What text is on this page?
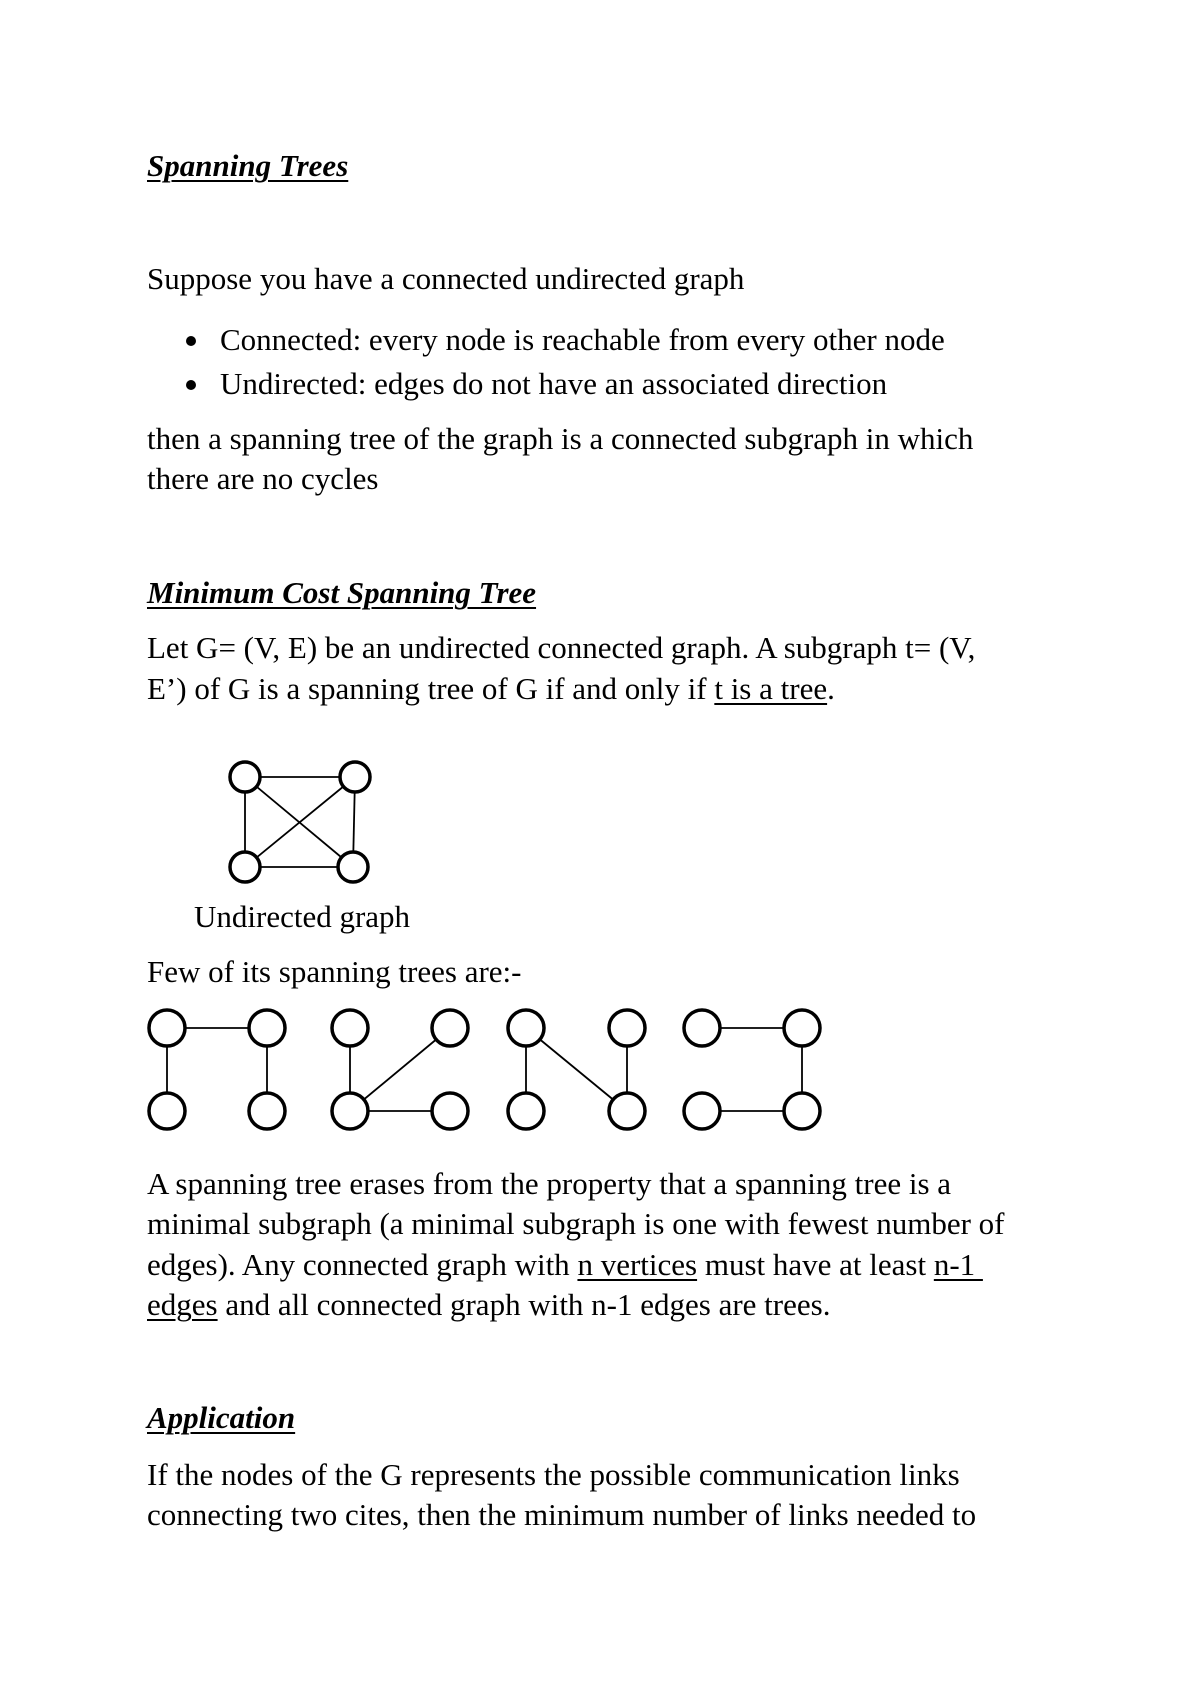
Spanning Trees

Suppose you have a connected undirected graph

Connected: every node is reachable from every other node
Undirected: edges do not have an associated direction

then a spanning tree of the graph is a connected subgraph in which

there are no cycles

Minimum Cost Spanning Tree

Let G= (V, E) be an undirected connected graph. A subgraph t= (V,

E’) of G is a spanning tree of G if and only if t is a tree.

Undirected graph

Few of its spanning trees are:-

A spanning tree erases from the property that a spanning tree is a

minimal subgraph (a minimal subgraph is one with fewest number of

edges). Any connected graph with n vertices must have at least n-1

edges and all connected graph with n-1 edges are trees.

Application

If the nodes of the G represents the possible communication links

connecting two cites, then the minimum number of links needed to
